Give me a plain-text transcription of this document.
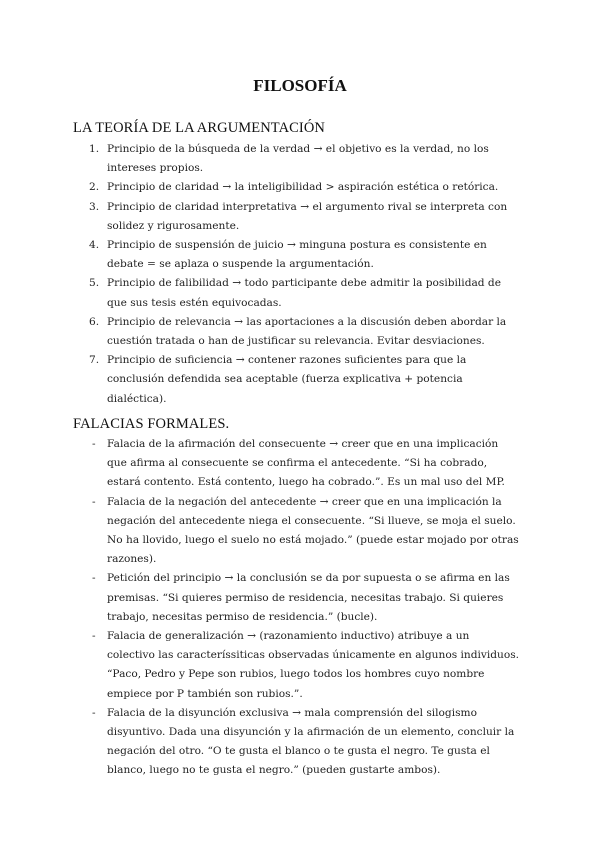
FILOSOFÍA
LA TEORÍA DE LA ARGUMENTACIÓN
1. Principio de la búsqueda de la verdad → el objetivo es la verdad, no los intereses propios.
2. Principio de claridad → la inteligibilidad > aspiración estética o retórica.
3. Principio de claridad interpretativa → el argumento rival se interpreta con solidez y rigurosamente.
4. Principio de suspensión de juicio → minguna postura es consistente en debate = se aplaza o suspende la argumentación.
5. Principio de falibilidad → todo participante debe admitir la posibilidad de que sus tesis estén equivocadas.
6. Principio de relevancia → las aportaciones a la discusión deben abordar la cuestión tratada o han de justificar su relevancia. Evitar desviaciones.
7. Principio de suficiencia → contener razones suficientes para que la conclusión defendida sea aceptable (fuerza explicativa + potencia dialéctica).
FALACIAS FORMALES.
- Falacia de la afirmación del consecuente → creer que en una implicación que afirma al consecuente se confirma el antecedente. “Si ha cobrado, estará contento. Está contento, luego ha cobrado.”. Es un mal uso del MP.
- Falacia de la negación del antecedente → creer que en una implicación la negación del antecedente niega el consecuente. “Si llueve, se moja el suelo. No ha llovido, luego el suelo no está mojado.” (puede estar mojado por otras razones).
- Petición del principio → la conclusión se da por supuesta o se afirma en las premisas. “Si quieres permiso de residencia, necesitas trabajo. Si quieres trabajo, necesitas permiso de residencia.” (bucle).
- Falacia de generalización → (razonamiento inductivo) atribuye a un colectivo las caracteríssiticas observadas únicamente en algunos individuos. “Paco, Pedro y Pepe son rubios, luego todos los hombres cuyo nombre empiece por P también son rubios.”.
- Falacia de la disyunción exclusiva → mala comprensión del silogismo disyuntivo. Dada una disyunción y la afirmación de un elemento, concluir la negación del otro. “O te gusta el blanco o te gusta el negro. Te gusta el blanco, luego no te gusta el negro.” (pueden gustarte ambos).
